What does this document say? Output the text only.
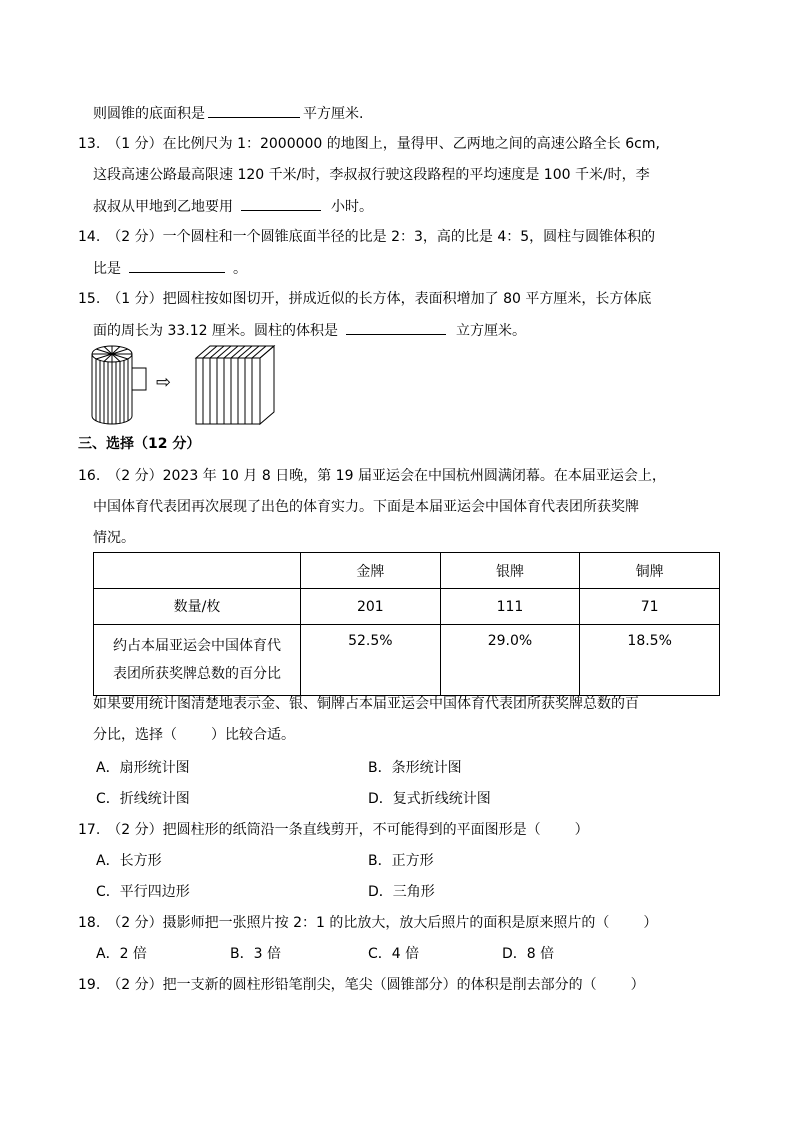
则圆锥的底面积是	平方厘米.
13.　（1 分）在比例尺为 1：2000000 的地图上，量得甲、乙两地之间的高速公路全长 6cm,
这段高速公路最高限速 120 千米/时，李叔叔行驶这段路程的平均速度是 100 千米/时，李
叔叔从甲地到乙地要用	小时。
14.　（2 分）一个圆柱和一个圆锥底面半径的比是 2：3，高的比是 4：5，圆柱与圆锥体积的
比是	。
15.　（1 分）把圆柱按如图切开，拼成近似的长方体，表面积增加了 80 平方厘米，长方体底
面的周长为 33.12 厘米。圆柱的体积是	立方厘米。
⇨
三、选择（12 分）
16.　（2 分）2023 年 10 月 8 日晚，第 19 届亚运会在中国杭州圆满闭幕。在本届亚运会上，
中国体育代表团再次展现了出色的体育实力。下面是本届亚运会中国体育代表团所获奖牌
情况。
	金牌	银牌	铜牌
数量/枚	201	111	71

约占本届亚运会中国体育代
表团所获奖牌总数的百分比	52.5%	29.0%	18.5%
如果要用统计图清楚地表示金、银、铜牌占本届亚运会中国体育代表团所获奖牌总数的百
分比，选择（ ）比较合适。
A．扇形统计图	B．条形统计图
C．折线统计图	D．复式折线统计图
17.　（2 分）把圆柱形的纸筒沿一条直线剪开，不可能得到的平面图形是（ ）
A．长方形	B．正方形
C．平行四边形	D．三角形
18.　（2 分）摄影师把一张照片按 2：1 的比放大，放大后照片的面积是原来照片的（ ）
A．2 倍	B．3 倍	C．4 倍	D．8 倍
19.　（2 分）把一支新的圆柱形铅笔削尖，笔尖（圆锥部分）的体积是削去部分的（ ）
